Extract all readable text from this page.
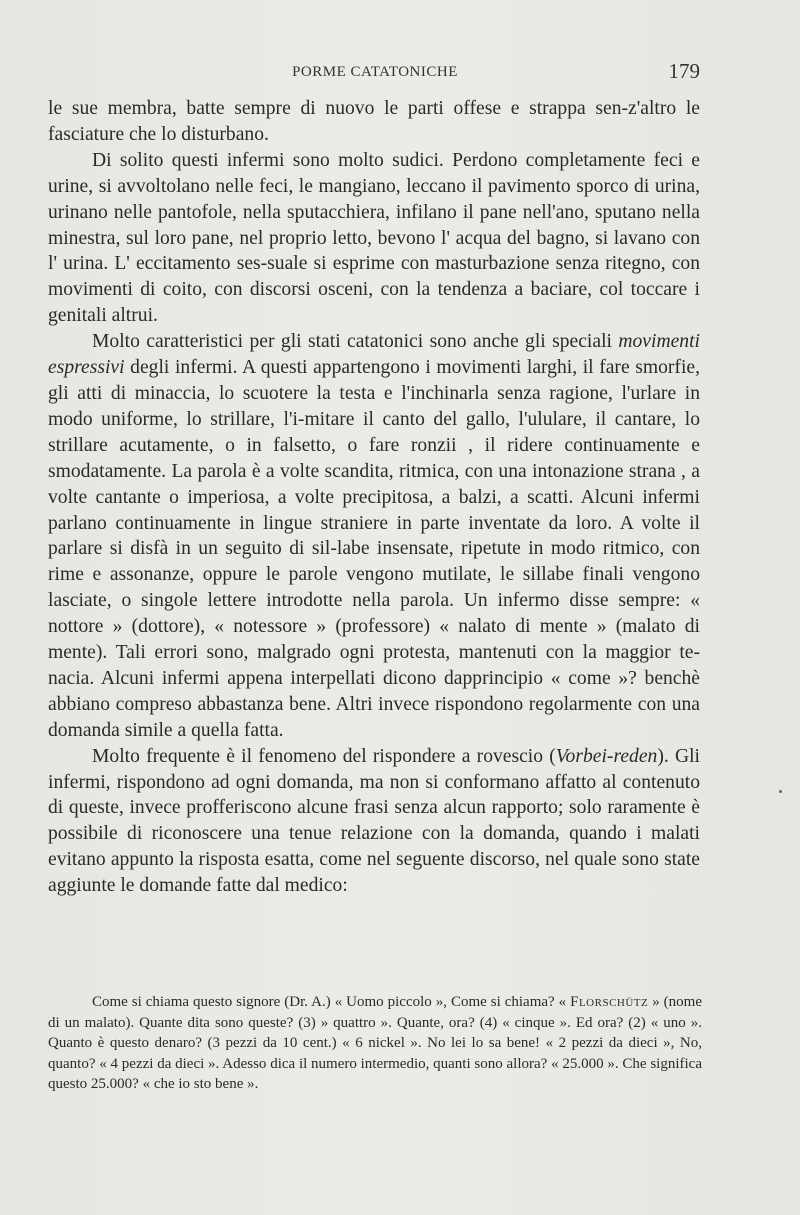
PORME CATATONICHE	179

le sue membra, batte sempre di nuovo le parti offese e strappa sen-z'altro le fasciature che lo disturbano.

Di solito questi infermi sono molto sudici. Perdono completamente feci e urine, si avvoltolano nelle feci, le mangiano, leccano il pavimento sporco di urina, urinano nelle pantofole, nella sputacchiera, infilano il pane nell'ano, sputano nella minestra, sul loro pane, nel proprio letto, bevono l' acqua del bagno, si lavano con l' urina. L' eccitamento ses-suale si esprime con masturbazione senza ritegno, con movimenti di coito, con discorsi osceni, con la tendenza a baciare, col toccare i genitali altrui.

Molto caratteristici per gli stati catatonici sono anche gli speciali movimenti espressivi degli infermi. A questi appartengono i movimenti larghi, il fare smorfie, gli atti di minaccia, lo scuotere la testa e l'inchinarla senza ragione, l'urlare in modo uniforme, lo strillare, l'i-mitare il canto del gallo, l'ululare, il cantare, lo strillare acutamente, o in falsetto, o fare ronzii , il ridere continuamente e smodatamente. La parola è a volte scandita, ritmica, con una intonazione strana , a volte cantante o imperiosa, a volte precipitosa, a balzi, a scatti. Alcuni infermi parlano continuamente in lingue straniere in parte inventate da loro. A volte il parlare si disfà in un seguito di sil-labe insensate, ripetute in modo ritmico, con rime e assonanze, oppure le parole vengono mutilate, le sillabe finali vengono lasciate, o singole lettere introdotte nella parola. Un infermo disse sempre: « nottore » (dottore), « notessore » (professore) « nalato di mente » (malato di mente). Tali errori sono, malgrado ogni protesta, mantenuti con la maggior te-nacia. Alcuni infermi appena interpellati dicono dapprincipio « come »? benchè abbiano compreso abbastanza bene. Altri invece rispondono regolarmente con una domanda simile a quella fatta.

Molto frequente è il fenomeno del rispondere a rovescio (Vorbei-reden). Gli infermi, rispondono ad ogni domanda, ma non si conformano affatto al contenuto di queste, invece profferiscono alcune frasi senza alcun rapporto; solo raramente è possibile di riconoscere una tenue relazione con la domanda, quando i malati evitano appunto la risposta esatta, come nel seguente discorso, nel quale sono state aggiunte le domande fatte dal medico:

Come si chiama questo signore (Dr. A.) « Uomo piccolo », Come si chiama? « Florschütz » (nome di un malato). Quante dita sono queste? (3) » quattro ». Quante, ora? (4) « cinque ». Ed ora? (2) « uno ». Quanto è questo denaro? (3 pezzi da 10 cent.) « 6 nickel ». No lei lo sa bene! « 2 pezzi da dieci », No, quanto? « 4 pezzi da dieci ». Adesso dica il numero intermedio, quanti sono allora? « 25.000 ». Che significa questo 25.000? « che io sto bene ».
